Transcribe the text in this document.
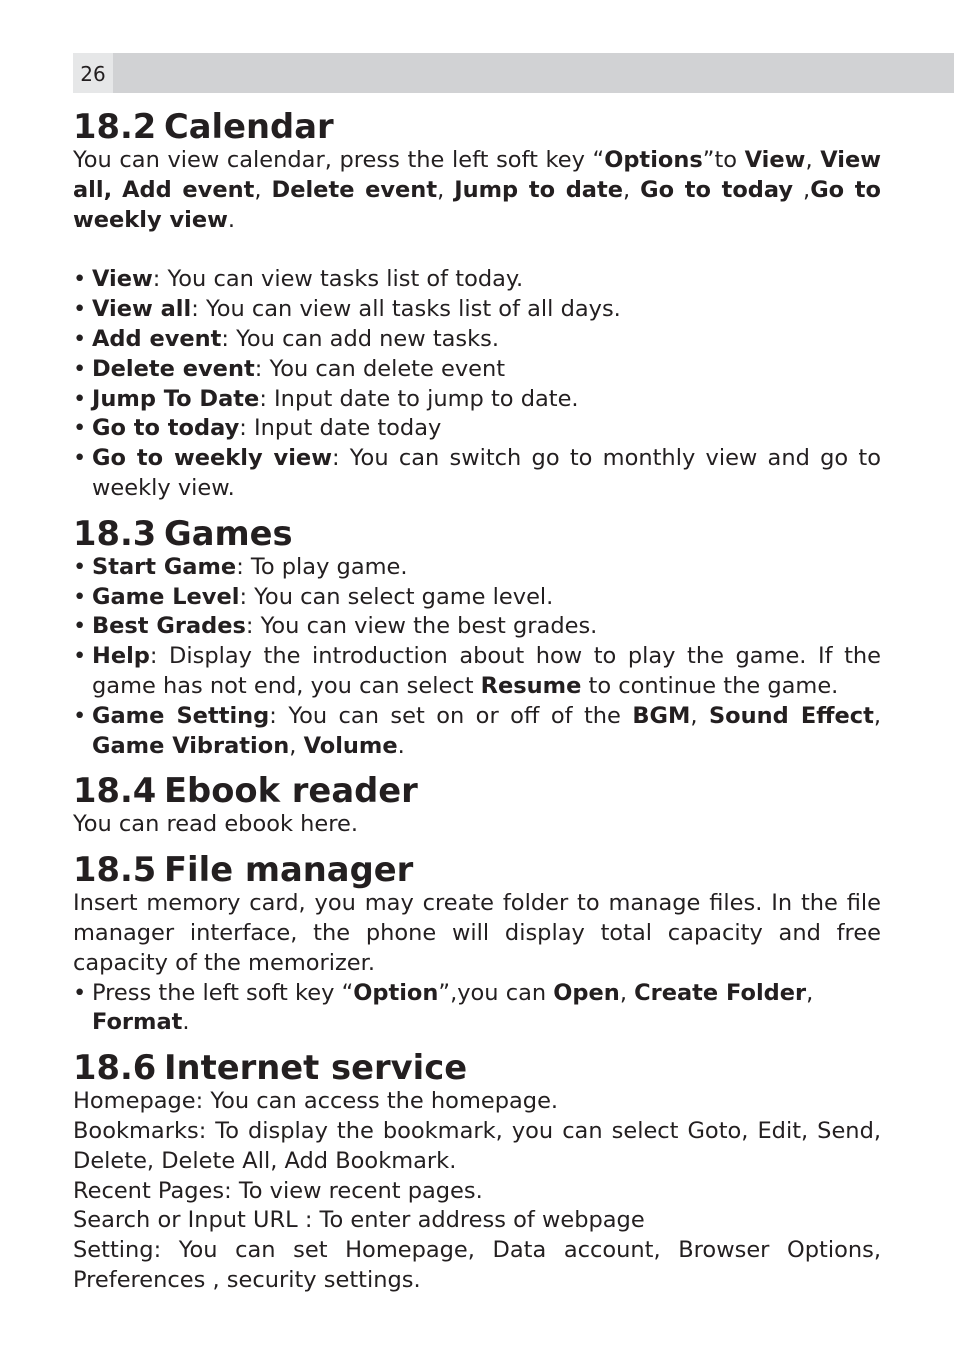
26
18.2 Calendar

You can view calendar, press the left soft key “Options”to View, View all, Add event, Delete event, Jump to date, Go to today ,Go to weekly view.

• View: You can view tasks list of today.
• View all: You can view all tasks list of all days.
• Add event: You can add new tasks.
• Delete event: You can delete event
• Jump To Date: Input date to jump to date.
• Go to today: Input date today
• Go to weekly view: You can switch go to monthly view and go to weekly view.
18.3 Games
• Start Game: To play game.
• Game Level: You can select game level.
• Best Grades: You can view the best grades.
• Help: Display the introduction about how to play the game. If the game has not end, you can select Resume to continue the game.
• Game Setting: You can set on or off of the BGM, Sound Effect, Game Vibration, Volume.
18.4 Ebook reader

You can read ebook here.

18.5 File manager

Insert memory card, you may create folder to manage files. In the file manager interface, the phone will display total capacity and free capacity of the memorizer.

• Press the left soft key “Option”,you can Open, Create Folder, Format.
18.6 Internet service

Homepage: You can access the homepage.

Bookmarks: To display the bookmark, you can select Goto, Edit, Send, Delete, Delete All, Add Bookmark.

Recent Pages: To view recent pages.

Search or Input URL : To enter address of webpage

Setting: You can set Homepage, Data account, Browser Options, Preferences , security settings.
